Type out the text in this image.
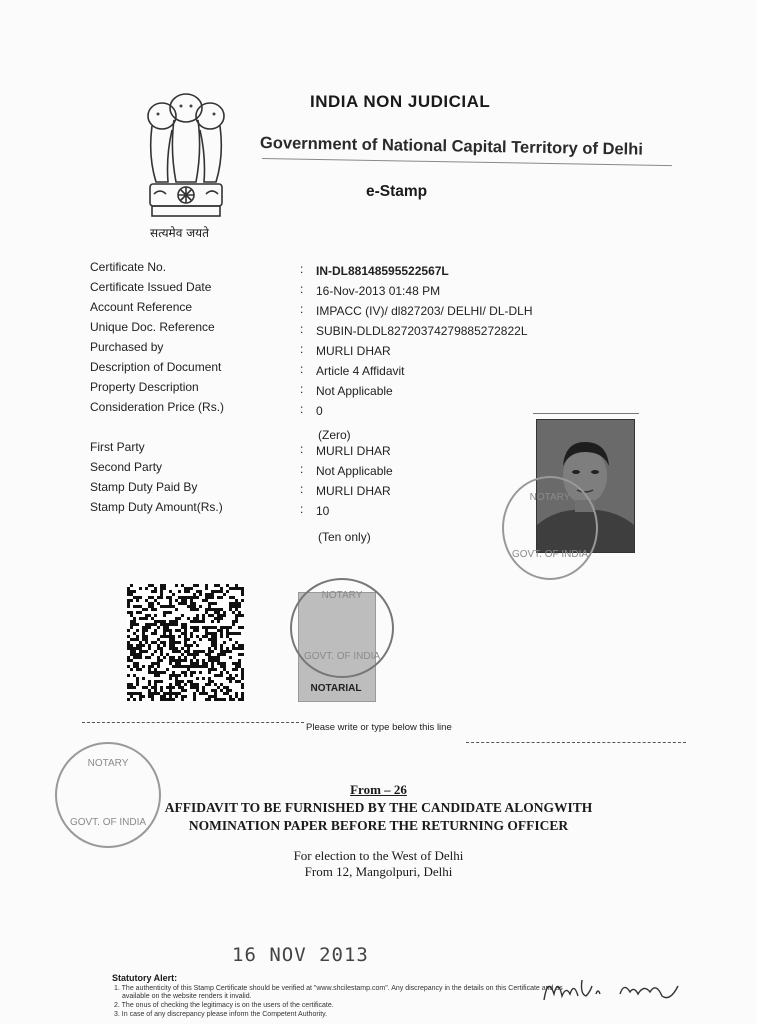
सत्यमेव जयते
INDIA NON JUDICIAL
Government of National Capital Territory of Delhi
e-Stamp
Certificate No.	: IN-DL88148595522567L
Certificate Issued Date	: 16-Nov-2013 01:48 PM
Account Reference	: IMPACC (IV)/ dl827203/ DELHI/ DL-DLH
Unique Doc. Reference	: SUBIN-DLDL82720374279885272822L
Purchased by	: MURLI DHAR
Description of Document	: Article 4 Affidavit
Property Description	: Not Applicable
Consideration Price (Rs.)	: 0
(Zero)
First Party	: MURLI DHAR
Second Party	: Not Applicable
Stamp Duty Paid By	: MURLI DHAR
Stamp Duty Amount(Rs.)	: 10
(Ten only)
NOTARY
GOVT. OF INDIA
NOTARY
GOVT. OF INDIA
NOTARIAL
Please write or type below this line
NOTARY
GOVT. OF INDIA
From – 26
AFFIDAVIT TO BE FURNISHED BY THE CANDIDATE ALONGWITH
NOMINATION PAPER BEFORE THE RETURNING OFFICER
For election to the West of Delhi
From 12, Mangolpuri, Delhi
16 NOV 2013
Statutory Alert:
1. The authenticity of this Stamp Certificate should be verified at "www.shcilestamp.com". Any discrepancy in the details on this Certificate and as
available on the website renders it invalid.
2. The onus of checking the legitimacy is on the users of the certificate.
3. In case of any discrepancy please inform the Competent Authority.
